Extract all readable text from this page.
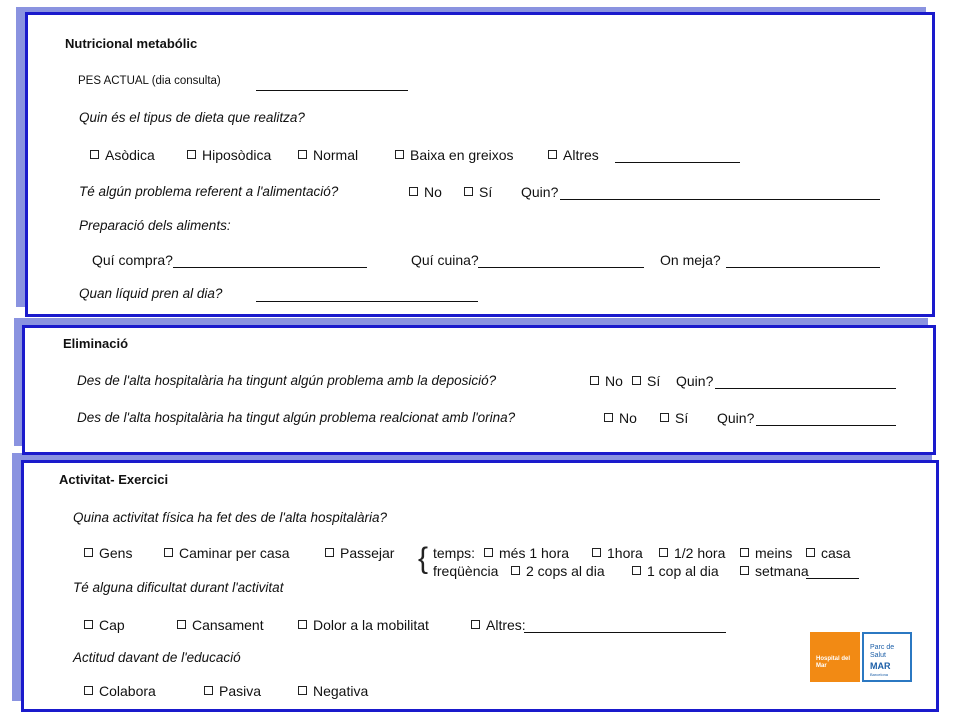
Nutricional metabólic
PES ACTUAL (dia consulta)
Quin és el tipus de dieta que realitza?
Asòdica	Hiposòdica	Normal	Baixa en greixos	Altres
Té algún problema referent a l'alimentació?	No	Sí Quin?
Preparació dels aliments:
Quí compra?	Quí cuina?	On meja?
Quan líquid pren al dia?
Eliminació
Des de l'alta hospitalària ha tingunt algún problema amb la deposició?	No	Sí Quin?
Des de l'alta hospitalària ha tingut algún problema realcionat amb l'orina?	No	Sí Quin?
Activitat- Exercici
Quina activitat física ha fet des de l'alta hospitalària?
Gens	Caminar per casa	Passejar { temps:	més 1 hora	1hora	1/2 hora	meins	casa
freqüència	2 cops al dia	1 cop al dia	setmana
Té alguna dificultat durant l'activitat
Cap	Cansament	Dolor a la mobilitat	Altres:
Actitud davant de l'educació
Colabora	Pasiva	Negativa
Hospital del Mar
Parc de Salut
MAR
Barcelona
